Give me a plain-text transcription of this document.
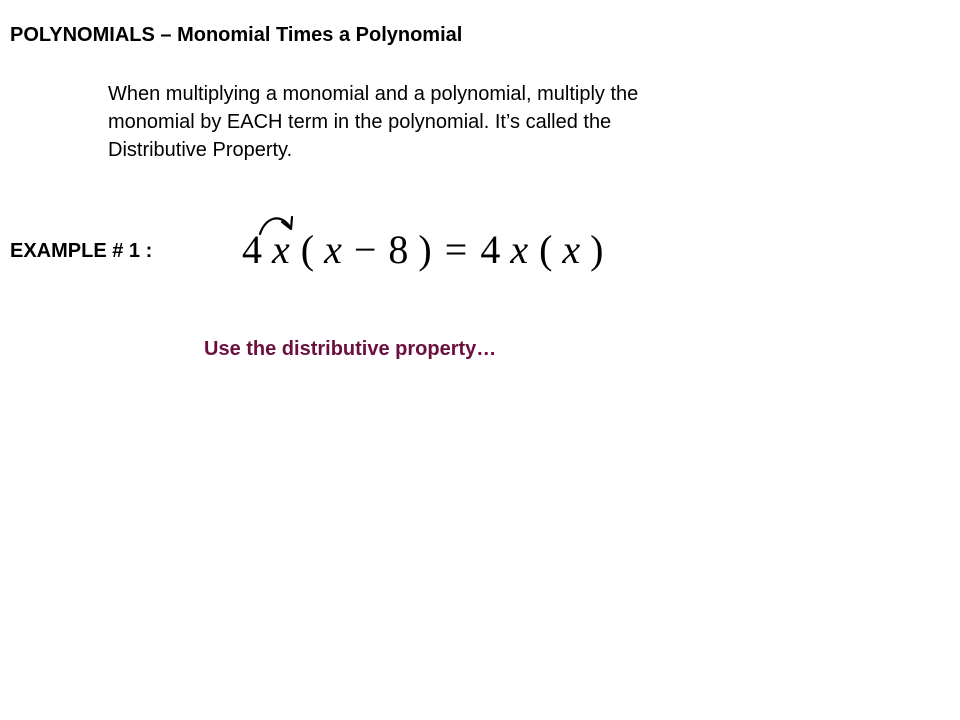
POLYNOMIALS – Monomial Times a Polynomial
When multiplying a monomial and a polynomial, multiply the
monomial by EACH term in the polynomial. It’s called the
Distributive Property.
EXAMPLE # 1 : 4 x ( x − 8 ) = 4 x ( x )
Use the distributive property…
